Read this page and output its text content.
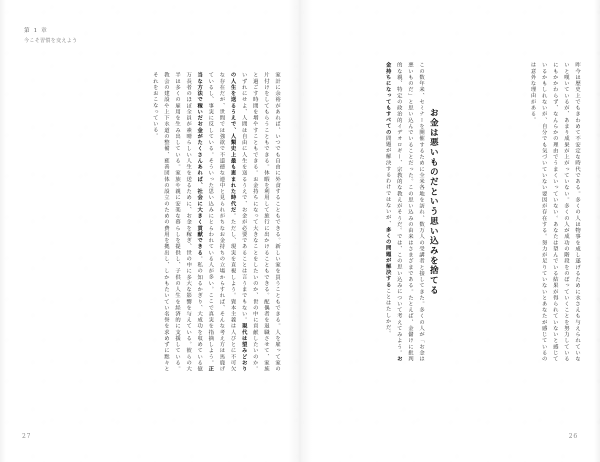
昨今は歴史上でもきわめて不安定な時代である。多くの人は物事を成し遂げるために水さえも与えられていないと嘆いているが、あまり成果が上がっていない。多くの人が成功の階段をのぼっていくことを努力しているにもかかわらず、なんらかの理由でうまくいっていない。あなたは望んでいる結果が得られていないと感じているかもしれないが、自分でも気づいていない要因が存在する。努力が足りていないとあなたが感じているのは意外な理由がある。
お金は悪いものだという思い込みを捨てる
26
この数年来、セミナーを開催するために全米各地を訪れ、数万人の受講者と接してきた。多くの人が「お金は悪いものだ」と思い込んでいることだった。この思い込みの由来はさまざまである。たとえば、金儲けに批判的な親、特定の政治的イデオロギー、宗教的な教えがそうだ。では、この思い込みについて考えてみよう。お金持ちになってもすべての問題が解決するわけではないが、多くの問題が解決することはたしかだ。
第 1 章
今こそ習慣を変えよう
家計に余裕があれば、いつでも自由に外食することもできる。新しい家を買うこともできる。人を雇って家の片付けをしてもらうこともできる。休暇を利用して旅行に出かけることもできる。配偶者を退職させて、家族と過ごす時間を増やすこともできる。お金持ちになって大きなことをしたいのか、世の中に貢献したいのか。いずれにせよ、人間は自由に人生を送るうえで、お金が必要であることは言うまでもない。現代は望みどおりの人生を送るうえで、人類史上最も恵まれた時代だ。ただし、現実を直視しよう。資本主義は人びとに不可欠な存在だが、世間では強欲で不道徳な連中と見られがちなお金持ちの立場からすれば、そんな考え方は馬鹿げているし、事実に反している。そういった思い込みにとらわれている人が多い。ここで真実を指摘しよう。正当な方法で稼いだお金がたくさんあれば、社会に大きく貢献できる。私の知るかぎり、大成功を収めている億万長者のほぼ全員が素晴らしい人生を送るために、お金を稼ぎ、世の中に多大な影響を与えている。彼らの大半は多くの雇用を生み出している。家族や親に安楽な暮らしを提供し、子供の人生を経済的に支援している。教会の建設や上下水道の整備、慈善団体の設立のための費用を拠出し、しかもたいてい名誉を求めずに黙々とそれをおこなっている。
27
